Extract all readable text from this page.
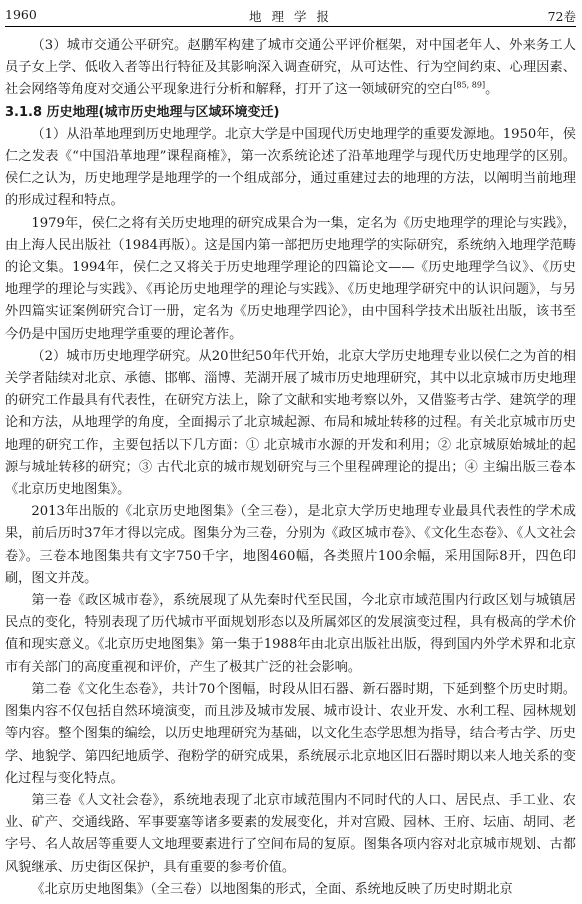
1960	地 理 学 报	72卷

（3）城市交通公平研究。赵鹏军构建了城市交通公平评价框架，对中国老年人、外来务工人员子女上学、低收入者等出行特征及其影响深入调查研究，从可达性、行为空间约束、心理因素、社会网络等角度对交通公平现象进行分析和解释，打开了这一领域研究的空白[85, 89]。

3.1.8 历史地理(城市历史地理与区域环境变迁)

（1）从沿革地理到历史地理学。北京大学是中国现代历史地理学的重要发源地。1950年，侯仁之发表《“中国沿革地理”课程商榷》，第一次系统论述了沿革地理学与现代历史地理学的区别。侯仁之认为，历史地理学是地理学的一个组成部分，通过重建过去的地理的方法，以阐明当前地理的形成过程和特点。

1979年，侯仁之将有关历史地理的研究成果合为一集，定名为《历史地理学的理论与实践》，由上海人民出版社（1984再版）。这是国内第一部把历史地理学的实际研究，系统纳入地理学范畴的论文集。1994年，侯仁之又将关于历史地理学理论的四篇论文——《历史地理学刍议》、《历史地理学的理论与实践》、《再论历史地理学的理论与实践》、《历史地理学研究中的认识问题》，与另外四篇实证案例研究合订一册，定名为《历史地理学四论》，由中国科学技术出版社出版，该书至今仍是中国历史地理学重要的理论著作。

（2）城市历史地理学研究。从20世纪50年代开始，北京大学历史地理专业以侯仁之为首的相关学者陆续对北京、承德、邯郸、淄博、芜湖开展了城市历史地理研究，其中以北京城市历史地理的研究工作最具有代表性，在研究方法上，除了文献和实地考察以外，又借鉴考古学、建筑学的理论和方法，从地理学的角度，全面揭示了北京城起源、布局和城址转移的过程。有关北京城市历史地理的研究工作，主要包括以下几方面：① 北京城市水源的开发和利用；② 北京城原始城址的起源与城址转移的研究；③ 古代北京的城市规划研究与三个里程碑理论的提出；④ 主编出版三卷本《北京历史地图集》。

2013年出版的《北京历史地图集》（全三卷），是北京大学历史地理专业最具代表性的学术成果，前后历时37年才得以完成。图集分为三卷，分别为《政区城市卷》、《文化生态卷》、《人文社会卷》。三卷本地图集共有文字750千字，地图460幅，各类照片100余幅，采用国际8开，四色印刷，图文并茂。

第一卷《政区城市卷》，系统展现了从先秦时代至民国，今北京市域范围内行政区划与城镇居民点的变化，特别表现了历代城市平面规划形态以及所属郊区的发展演变过程，具有极高的学术价值和现实意义。《北京历史地图集》第一集于1988年由北京出版社出版，得到国内外学术界和北京市有关部门的高度重视和评价，产生了极其广泛的社会影响。

第二卷《文化生态卷》，共计70个图幅，时段从旧石器、新石器时期，下延到整个历史时期。图集内容不仅包括自然环境演变，而且涉及城市发展、城市设计、农业开发、水利工程、园林规划等内容。整个图集的编绘，以历史地理研究为基础，以文化生态学思想为指导，结合考古学、历史学、地貌学、第四纪地质学、孢粉学的研究成果，系统展示北京地区旧石器时期以来人地关系的变化过程与变化特点。

第三卷《人文社会卷》，系统地表现了北京市域范围内不同时代的人口、居民点、手工业、农业、矿产、交通线路、军事要塞等诸多要素的发展变化，并对宫殿、园林、王府、坛庙、胡同、老字号、名人故居等重要人文地理要素进行了空间布局的复原。图集各项内容对北京城市规划、古都风貌继承、历史街区保护，具有重要的参考价值。

《北京历史地图集》（全三卷）以地图集的形式，全面、系统地反映了历史时期北京
